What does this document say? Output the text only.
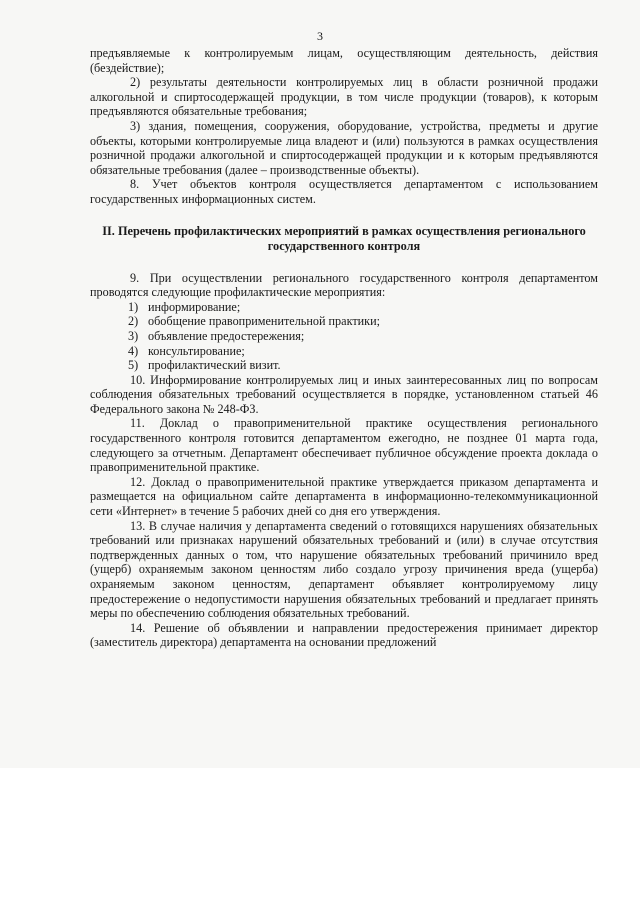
3

предъявляемые к контролируемым лицам, осуществляющим деятельность, действия (бездействие);

2) результаты деятельности контролируемых лиц в области розничной продажи алкогольной и спиртосодержащей продукции, в том числе продукции (товаров), к которым предъявляются обязательные требования;

3) здания, помещения, сооружения, оборудование, устройства, предметы и другие объекты, которыми контролируемые лица владеют и (или) пользуются в рамках осуществления розничной продажи алкогольной и спиртосодержащей продукции и к которым предъявляются обязательные требования (далее – производственные объекты).

8. Учет объектов контроля осуществляется департаментом с использованием государственных информационных систем.

II. Перечень профилактических мероприятий в рамках осуществления регионального государственного контроля

9. При осуществлении регионального государственного контроля департаментом проводятся следующие профилактические мероприятия:

1) информирование;
2) обобщение правоприменительной практики;
3) объявление предостережения;
4) консультирование;
5) профилактический визит.

10. Информирование контролируемых лиц и иных заинтересованных лиц по вопросам соблюдения обязательных требований осуществляется в порядке, установленном статьей 46 Федерального закона № 248-ФЗ.

11. Доклад о правоприменительной практике осуществления регионального государственного контроля готовится департаментом ежегодно, не позднее 01 марта года, следующего за отчетным. Департамент обеспечивает публичное обсуждение проекта доклада о правоприменительной практике.

12. Доклад о правоприменительной практике утверждается приказом департамента и размещается на официальном сайте департамента в информационно-телекоммуникационной сети «Интернет» в течение 5 рабочих дней со дня его утверждения.

13. В случае наличия у департамента сведений о готовящихся нарушениях обязательных требований или признаках нарушений обязательных требований и (или) в случае отсутствия подтвержденных данных о том, что нарушение обязательных требований причинило вред (ущерб) охраняемым законом ценностям либо создало угрозу причинения вреда (ущерба) охраняемым законом ценностям, департамент объявляет контролируемому лицу предостережение о недопустимости нарушения обязательных требований и предлагает принять меры по обеспечению соблюдения обязательных требований.

14. Решение об объявлении и направлении предостережения принимает директор (заместитель директора) департамента на основании предложений
